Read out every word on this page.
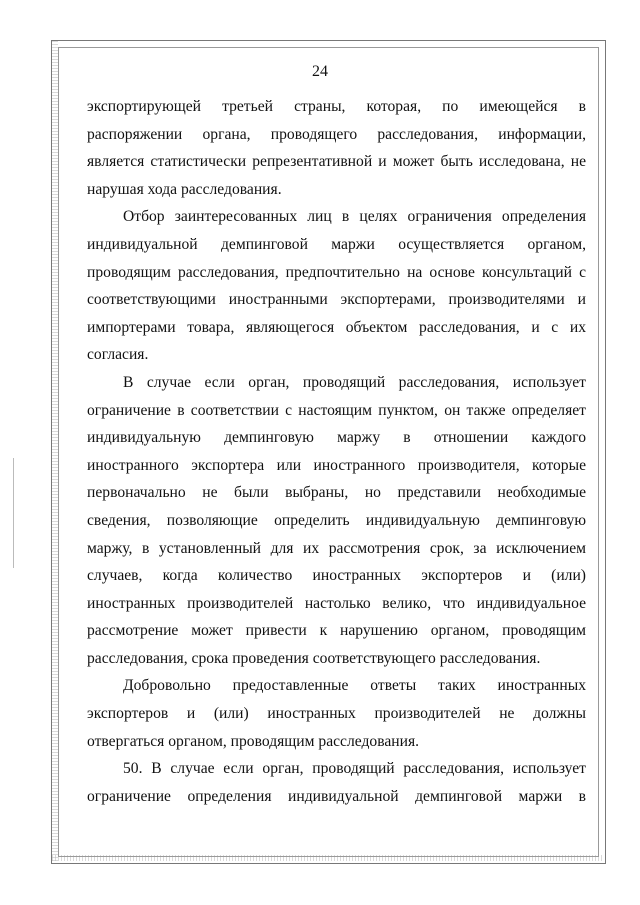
24
экспортирующей третьей страны, которая, по имеющейся в
распоряжении органа, проводящего расследования, информации,
является статистически репрезентативной и может быть исследована, не
нарушая хода расследования.
Отбор заинтересованных лиц в целях ограничения определения
индивидуальной демпинговой маржи осуществляется органом,
проводящим расследования, предпочтительно на основе консультаций с
соответствующими иностранными экспортерами, производителями и
импортерами товара, являющегося объектом расследования, и с их
согласия.
В случае если орган, проводящий расследования, использует
ограничение в соответствии с настоящим пунктом, он также определяет
индивидуальную демпинговую маржу в отношении каждого
иностранного экспортера или иностранного производителя, которые
первоначально не были выбраны, но представили необходимые
сведения, позволяющие определить индивидуальную демпинговую
маржу, в установленный для их рассмотрения срок, за исключением
случаев, когда количество иностранных экспортеров и (или)
иностранных производителей настолько велико, что индивидуальное
рассмотрение может привести к нарушению органом, проводящим
расследования, срока проведения соответствующего расследования.
Добровольно предоставленные ответы таких иностранных
экспортеров и (или) иностранных производителей не должны
отвергаться органом, проводящим расследования.
50. В случае если орган, проводящий расследования, использует
ограничение определения индивидуальной демпинговой маржи в
